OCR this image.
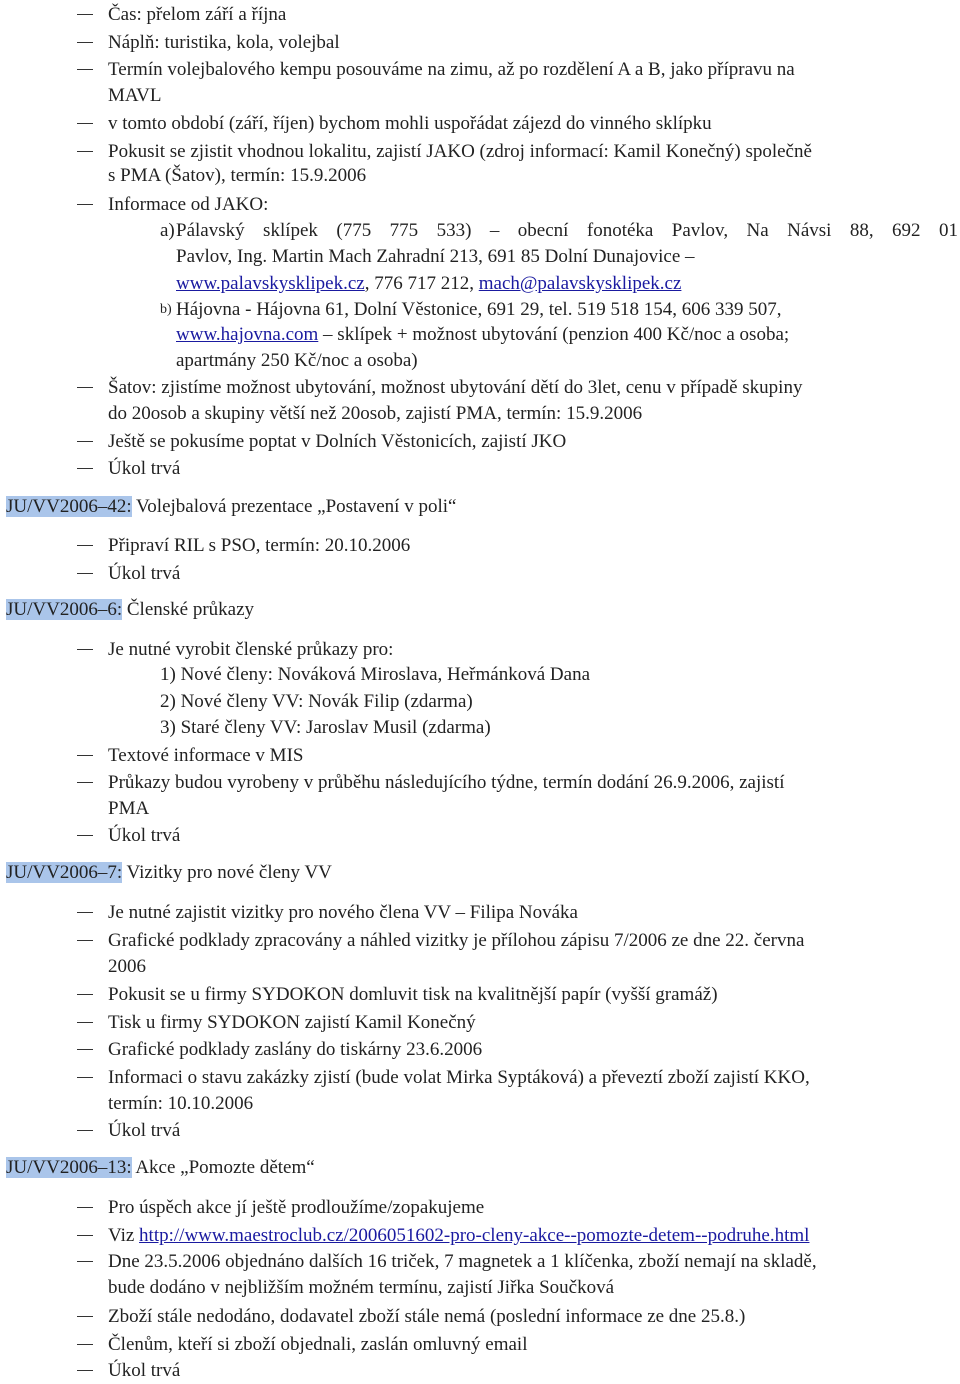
Čas: přelom září a října
Náplň: turistika, kola, volejbal
Termín volejbalového kempu posouváme na zimu, až po rozdělení A a B, jako přípravu na
MAVL
v tomto období (září, říjen) bychom mohli uspořádat zájezd do vinného sklípku
Pokusit se zjistit vhodnou lokalitu, zajistí JAKO (zdroj informací: Kamil Konečný) společně
s PMA (Šatov), termín: 15.9.2006
Informace od JAKO:
a) Pálavský sklípek (775 775 533) – obecní fonotéka Pavlov, Na Návsi 88, 692 01
Pavlov, Ing. Martin Mach Zahradní 213, 691 85 Dolní Dunajovice –
www.palavskysklipek.cz, 776 717 212, mach@palavskysklipek.cz
b) Hájovna - Hájovna 61, Dolní Věstonice, 691 29, tel. 519 518 154, 606 339 507,
www.hajovna.com – sklípek + možnost ubytování (penzion 400 Kč/noc a osoba;
apartmány 250 Kč/noc a osoba)
Šatov: zjistíme možnost ubytování, možnost ubytování dětí do 3let, cenu v případě skupiny
do 20osob a skupiny větší než 20osob, zajistí PMA, termín: 15.9.2006
Ještě se pokusíme poptat v Dolních Věstonicích, zajistí JKO
Úkol trvá
JU/VV2006–42: Volejbalová prezentace „Postavení v poli“
Připraví RIL s PSO, termín: 20.10.2006
Úkol trvá
JU/VV2006–6: Členské průkazy
Je nutné vyrobit členské průkazy pro:
1) Nové členy: Nováková Miroslava, Heřmánková Dana
2) Nové členy VV: Novák Filip (zdarma)
3) Staré členy VV: Jaroslav Musil (zdarma)
Textové informace v MIS
Průkazy budou vyrobeny v průběhu následujícího týdne, termín dodání 26.9.2006, zajistí
PMA
Úkol trvá
JU/VV2006–7: Vizitky pro nové členy VV
Je nutné zajistit vizitky pro nového člena VV – Filipa Nováka
Grafické podklady zpracovány a náhled vizitky je přílohou zápisu 7/2006 ze dne 22. června
2006
Pokusit se u firmy SYDOKON domluvit tisk na kvalitnější papír (vyšší gramáž)
Tisk u firmy SYDOKON zajistí Kamil Konečný
Grafické podklady zaslány do tiskárny 23.6.2006
Informaci o stavu zakázky zjistí (bude volat Mirka Syptáková) a převeztí zboží zajistí KKO,
termín: 10.10.2006
Úkol trvá
JU/VV2006–13: Akce „Pomozte dětem“
Pro úspěch akce jí ještě prodloužíme/zopakujeme
Viz http://www.maestroclub.cz/2006051602-pro-cleny-akce--pomozte-detem--podruhe.html
Dne 23.5.2006 objednáno dalších 16 triček, 7 magnetek a 1 klíčenka, zboží nemají na skladě,
bude dodáno v nejbližším možném termínu, zajistí Jiřka Součková
Zboží stále nedodáno, dodavatel zboží stále nemá (poslední informace ze dne 25.8.)
Členům, kteří si zboží objednali, zaslán omluvný email
Úkol trvá
